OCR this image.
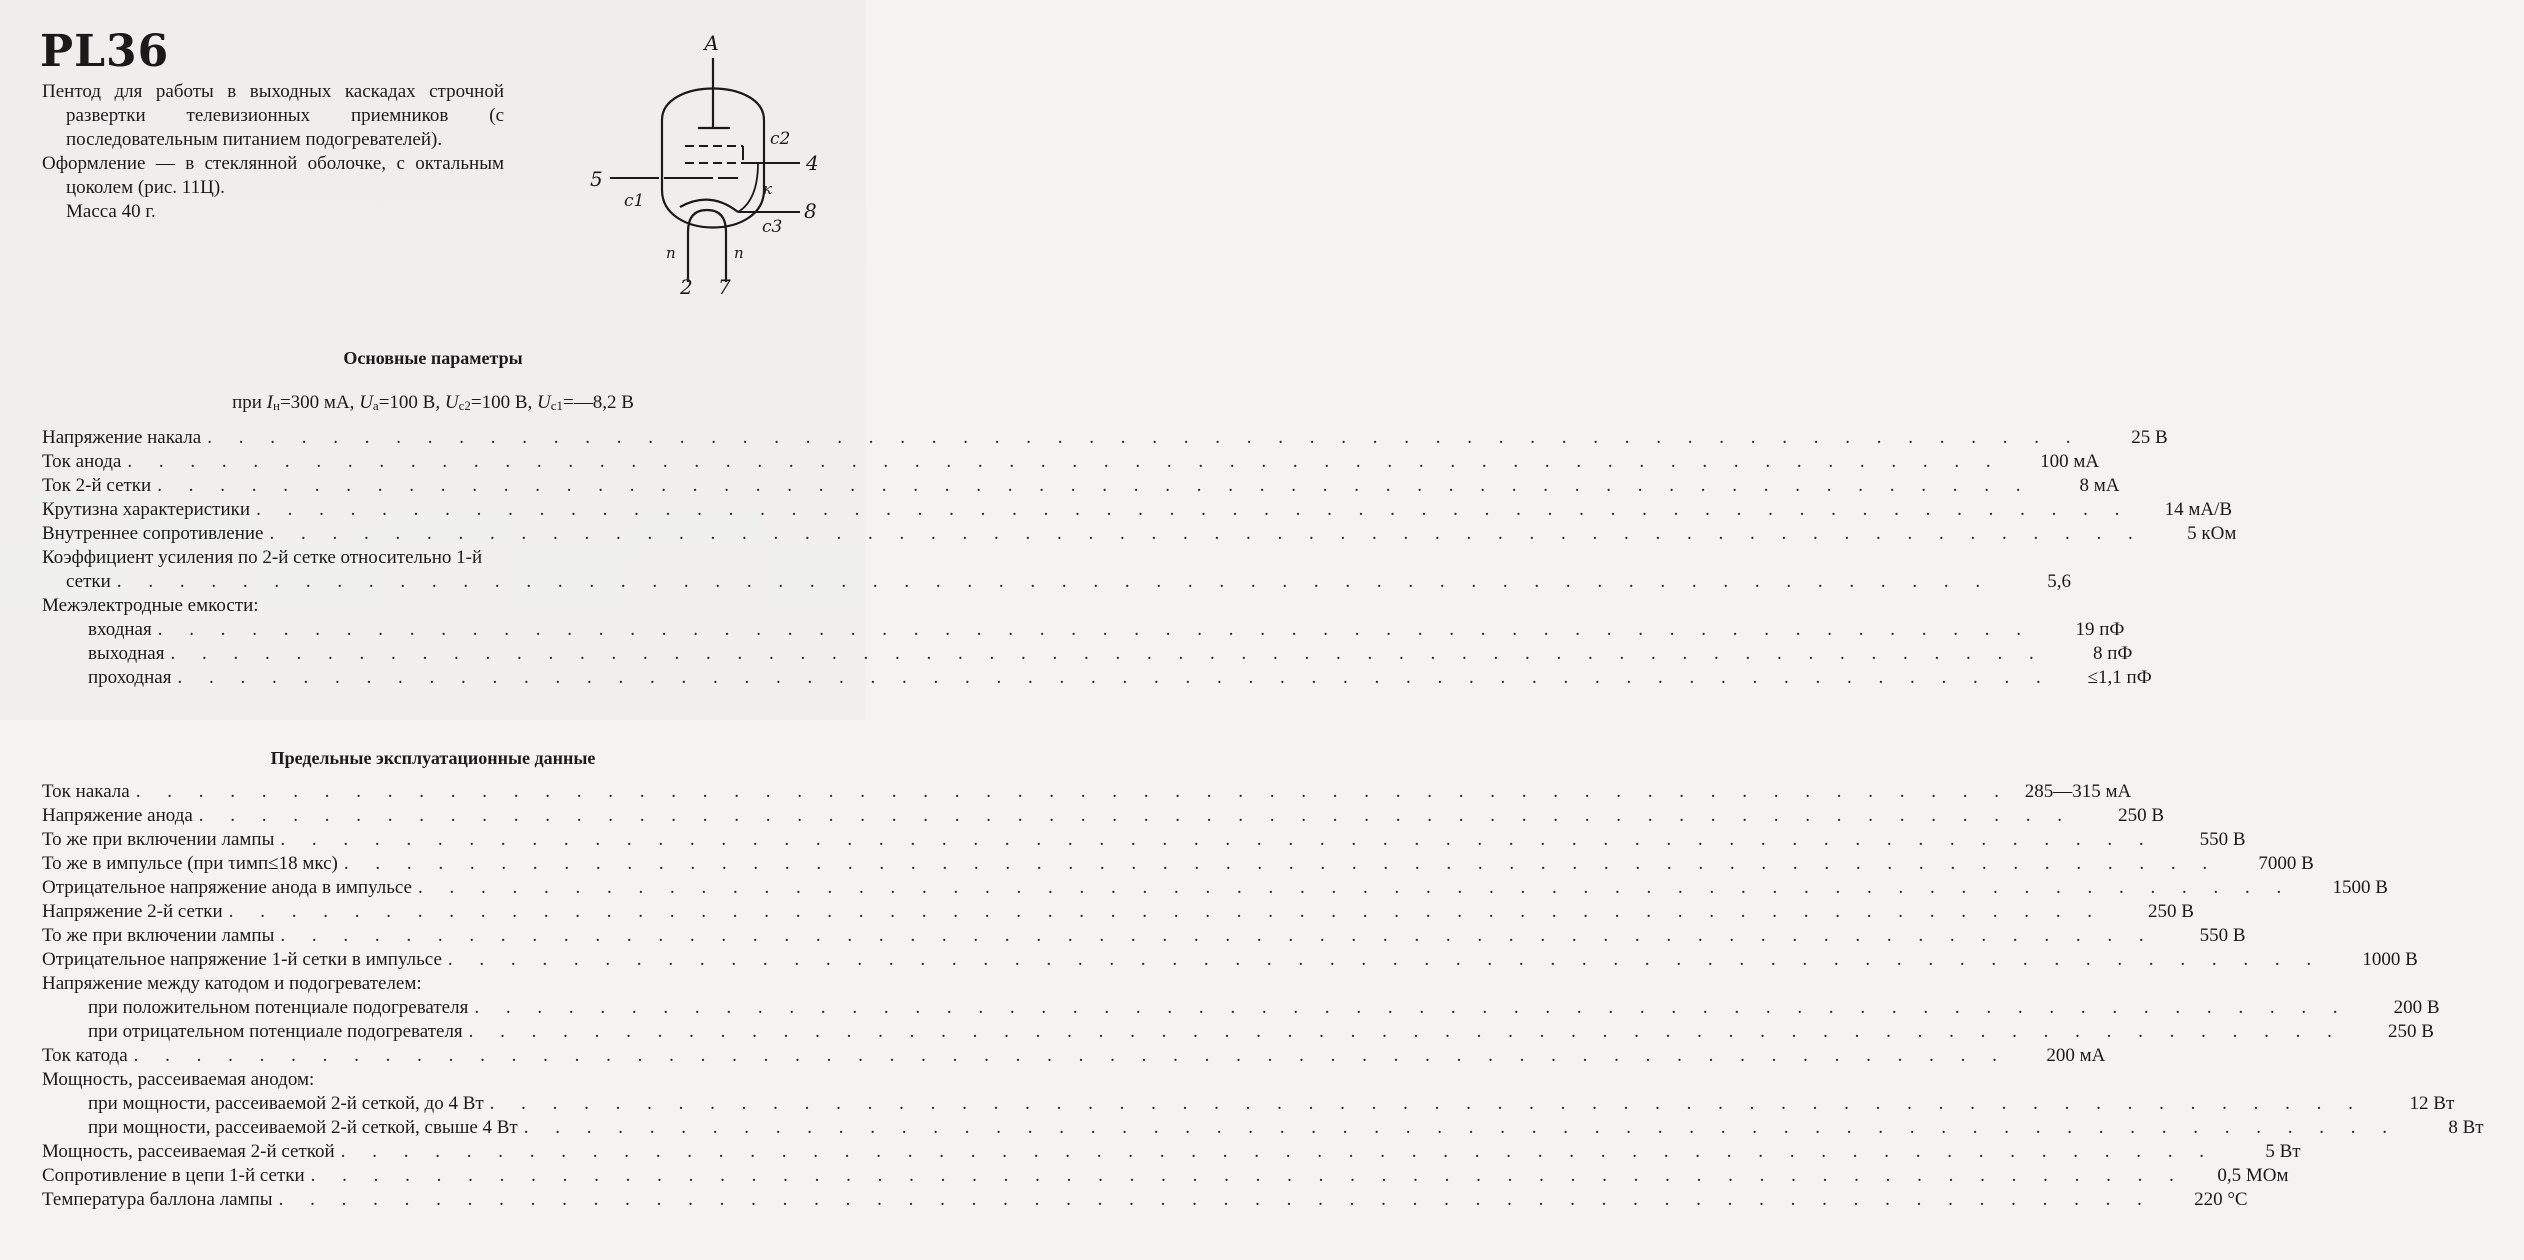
PL36

Пентод для работы в выходных каскадах строчной развертки телевизионных приемников (с последовательным питанием подогревателей).

Оформление — в стеклянной оболочке, с октальным цоколем (рис. 11Ц).

Масса 40 г.

А
с2
с1
к
с3
п	п
5
4
8
2 7
Основные параметры
при $I_н=300$ мА, $U_а=100$ В, $U_{с2}=100$ В, $U_{с1}=—8,2$ В
Напряжение накала . . . . . . . . . . . . . . . . . . . . . . . . . . . . . . . . . . . . . . . . . . . . . . . . . . . . . . . . . . . .	25 В
Ток анода . . . . . . . . . . . . . . . . . . . . . . . . . . . . . . . . . . . . . . . . . . . . . . . . . . . . . . . . . . . .	100 мА
Ток 2-й сетки . . . . . . . . . . . . . . . . . . . . . . . . . . . . . . . . . . . . . . . . . . . . . . . . . . . . . . . . . . . .	8 мА
Крутизна характеристики . . . . . . . . . . . . . . . . . . . . . . . . . . . . . . . . . . . . . . . . . . . . . . . . . . . . . . . . . . . .	14 мА/В
Внутреннее сопротивление . . . . . . . . . . . . . . . . . . . . . . . . . . . . . . . . . . . . . . . . . . . . . . . . . . . . . . . . . . . .	5 кОм
Коэффициент усиления по 2-й сетке относительно 1-й
сетки . . . . . . . . . . . . . . . . . . . . . . . . . . . . . . . . . . . . . . . . . . . . . . . . . . . . . . . . . . . .	5,6
Межэлектродные емкости:
входная . . . . . . . . . . . . . . . . . . . . . . . . . . . . . . . . . . . . . . . . . . . . . . . . . . . . . . . . . . . .	19 пФ
выходная . . . . . . . . . . . . . . . . . . . . . . . . . . . . . . . . . . . . . . . . . . . . . . . . . . . . . . . . . . . .	8 пФ
проходная . . . . . . . . . . . . . . . . . . . . . . . . . . . . . . . . . . . . . . . . . . . . . . . . . . . . . . . . . . . .	≤1,1 пФ
Предельные эксплуатационные данные
Ток накала . . . . . . . . . . . . . . . . . . . . . . . . . . . . . . . . . . . . . . . . . . . . . . . . . . . . . . . . . . . . 285—315 мА
Напряжение анода . . . . . . . . . . . . . . . . . . . . . . . . . . . . . . . . . . . . . . . . . . . . . . . . . . . . . . . . . . . .	250 В
То же при включении лампы . . . . . . . . . . . . . . . . . . . . . . . . . . . . . . . . . . . . . . . . . . . . . . . . . . . . . . . . . . . .	550 В
То же в импульсе (при τимп≤18 мкс) . . . . . . . . . . . . . . . . . . . . . . . . . . . . . . . . . . . . . . . . . . . . . . . . . . . . . . . . . . . .	7000 В
Отрицательное напряжение анода в импульсе . . . . . . . . . . . . . . . . . . . . . . . . . . . . . . . . . . . . . . . . . . . . . . . . . . . . . . . . . . . .	1500 В
Напряжение 2-й сетки . . . . . . . . . . . . . . . . . . . . . . . . . . . . . . . . . . . . . . . . . . . . . . . . . . . . . . . . . . . .	250 В
То же при включении лампы . . . . . . . . . . . . . . . . . . . . . . . . . . . . . . . . . . . . . . . . . . . . . . . . . . . . . . . . . . . .	550 В
Отрицательное напряжение 1-й сетки в импульсе . . . . . . . . . . . . . . . . . . . . . . . . . . . . . . . . . . . . . . . . . . . . . . . . . . . . . . . . . . . .	1000 В
Напряжение между катодом и подогревателем:
при положительном потенциале подогревателя . . . . . . . . . . . . . . . . . . . . . . . . . . . . . . . . . . . . . . . . . . . . . . . . . . . . . . . . . . . .	200 В
при отрицательном потенциале подогревателя . . . . . . . . . . . . . . . . . . . . . . . . . . . . . . . . . . . . . . . . . . . . . . . . . . . . . . . . . . . .	250 В
Ток катода . . . . . . . . . . . . . . . . . . . . . . . . . . . . . . . . . . . . . . . . . . . . . . . . . . . . . . . . . . . .	200 мА
Мощность, рассеиваемая анодом:
при мощности, рассеиваемой 2-й сеткой, до 4 Вт . . . . . . . . . . . . . . . . . . . . . . . . . . . . . . . . . . . . . . . . . . . . . . . . . . . . . . . . . . . .	12 Вт
при мощности, рассеиваемой 2-й сеткой, свыше 4 Вт . . . . . . . . . . . . . . . . . . . . . . . . . . . . . . . . . . . . . . . . . . . . . . . . . . . . . . . . . . . .	8 Вт
Мощность, рассеиваемая 2-й сеткой . . . . . . . . . . . . . . . . . . . . . . . . . . . . . . . . . . . . . . . . . . . . . . . . . . . . . . . . . . . .	5 Вт
Сопротивление в цепи 1-й сетки . . . . . . . . . . . . . . . . . . . . . . . . . . . . . . . . . . . . . . . . . . . . . . . . . . . . . . . . . . . .	0,5 МОм
Температура баллона лампы . . . . . . . . . . . . . . . . . . . . . . . . . . . . . . . . . . . . . . . . . . . . . . . . . . . . . . . . . . . .	220 °С
